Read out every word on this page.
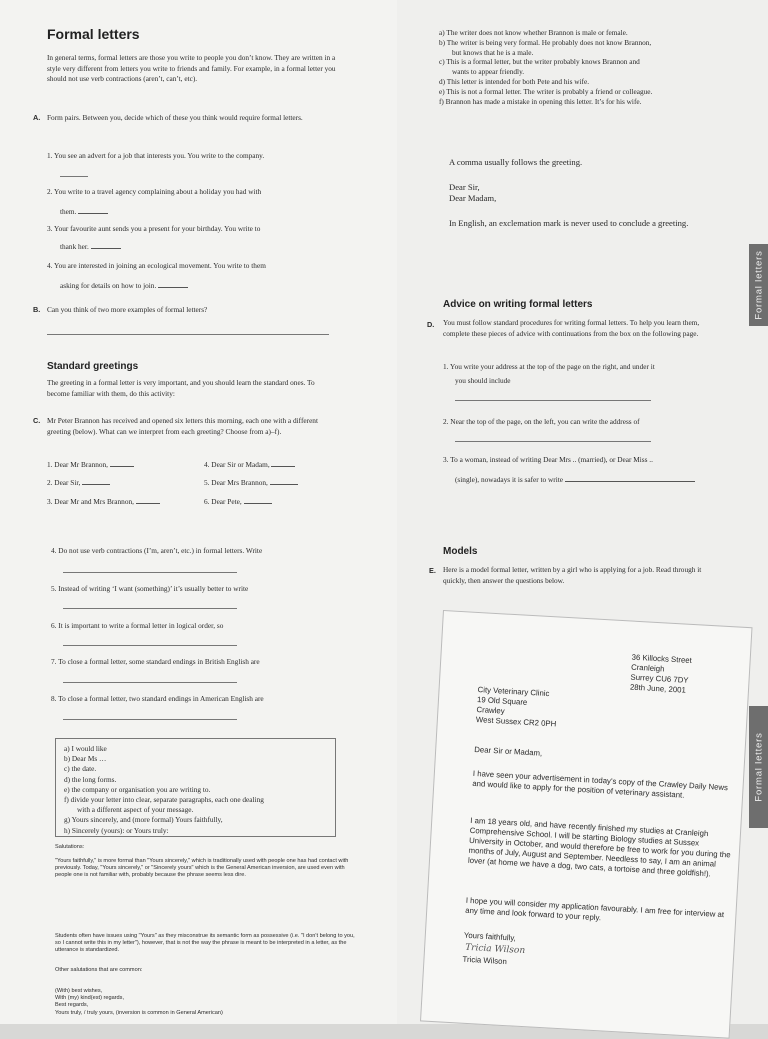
Formal letters
In general terms, formal letters are those you write to people you don’t know. They are written in a style very different from letters you write to friends and family. For example, in a formal letter you should not use verb contractions (aren’t, can’t, etc).
A. Form pairs. Between you, decide which of these you think would require formal letters.
1. You see an advert for a job that interests you. You write to the company.
2. You write to a travel agency complaining about a holiday you had with
them.
3. Your favourite aunt sends you a present for your birthday. You write to
thank her.
4. You are interested in joining an ecological movement. You write to them
asking for details on how to join.
B. Can you think of two more examples of formal letters?
Standard greetings
The greeting in a formal letter is very important, and you should learn the standard ones. To become familiar with them, do this activity:
C. Mr Peter Brannon has received and opened six letters this morning, each one with a different greeting (below). What can we interpret from each greeting? Choose from a)–f).
1. Dear Mr Brannon,	4. Dear Sir or Madam,
2. Dear Sir,	5. Dear Mrs Brannon,
3. Dear Mr and Mrs Brannon,	6. Dear Pete,
4. Do not use verb contractions (I’m, aren’t, etc.) in formal letters. Write
5. Instead of writing ‘I want (something)’ it’s usually better to write
6. It is important to write a formal letter in logical order, so
7. To close a formal letter, some standard endings in British English are
8. To close a formal letter, two standard endings in American English are
a) I would like
b) Dear Ms …
c) the date.
d) the long forms.
e) the company or organisation you are writing to.
f) divide your letter into clear, separate paragraphs, each one dealing
with a different aspect of your message.
g) Yours sincerely, and (more formal) Yours faithfully,
h) Sincerely (yours): or Yours truly:
Salutations:
"Yours faithfully," is more formal than "Yours sincerely," which is traditionally used with people one has had contact with previously. Today, "Yours sincerely," or "Sincerely yours" which is the General American inversion, are used even with people one is not familiar with, probably because the phrase seems less dire.
Students often have issues using "Yours" as they misconstrue its semantic form as possessive (i.e. "I don't belong to you, so I cannot write this in my letter"), however, that is not the way the phrase is meant to be interpreted in a letter, as the utterance is standardized.
Other salutations that are common:
(With) best wishes,
With (my) kind(est) regards,
Best regards,
Yours truly, / truly yours, (inversion is common in General American)
a) The writer does not know whether Brannon is male or female.
b) The writer is being very formal. He probably does not know Brannon,
but knows that he is a male.
c) This is a formal letter, but the writer probably knows Brannon and
wants to appear friendly.
d) This letter is intended for both Pete and his wife.
e) This is not a formal letter. The writer is probably a friend or colleague.
f) Brannon has made a mistake in opening this letter. It’s for his wife.
A comma usually follows the greeting.
Dear Sir,
Dear Madam,
In English, an exclemation mark is never used to conclude a greeting.
Formal letters
Formal letters
Advice on writing formal letters
D. You must follow standard procedures for writing formal letters. To help you learn them, complete these pieces of advice with continuations from the box on the following page.
1. You write your address at the top of the page on the right, and under it
you should include
2. Near the top of the page, on the left, you can write the address of
3. To a woman, instead of writing Dear Mrs .. (married), or Dear Miss ..
(single), nowadays it is safer to write
Models
E. Here is a model formal letter, written by a girl who is applying for a job. Read through it quickly, then answer the questions below.
36 Killocks Street
Cranleigh
Surrey CU6 7DY
28th June, 2001
City Veterinary Clinic
19 Old Square
Crawley
West Sussex CR2 0PH
Dear Sir or Madam,
I have seen your advertisement in today's copy of the Crawley Daily News and would like to apply for the position of veterinary assistant.
I am 18 years old, and have recently finished my studies at Cranleigh Comprehensive School. I will be starting Biology studies at Sussex University in October, and would therefore be free to work for you during the months of July, August and September. Needless to say, I am an animal lover (at home we have a dog, two cats, a tortoise and three goldfish!).
I hope you will consider my application favourably. I am free for interview at any time and look forward to your reply.
Yours faithfully,
Tricia Wilson
Tricia Wilson
